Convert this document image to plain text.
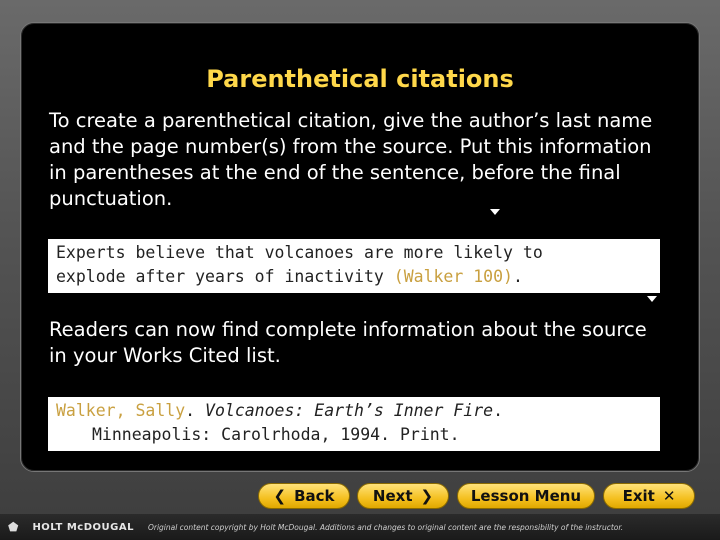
Parenthetical citations
To create a parenthetical citation, give the author’s last name and the page number(s) from the source. Put this information in parentheses at the end of the sentence, before the final punctuation.
Experts believe that volcanoes are more likely to
explode after years of inactivity (Walker 100).
Readers can now find complete information about the source in your Works Cited list.
Walker, Sally. Volcanoes: Earth’s Inner Fire.
Minneapolis: Carolrhoda, 1994. Print.
❮ Back	Next ❯	Lesson Menu	Exit ✕
⬟ HOLT McDOUGAL Original content copyright by Holt McDougal. Additions and changes to original content are the responsibility of the instructor.
